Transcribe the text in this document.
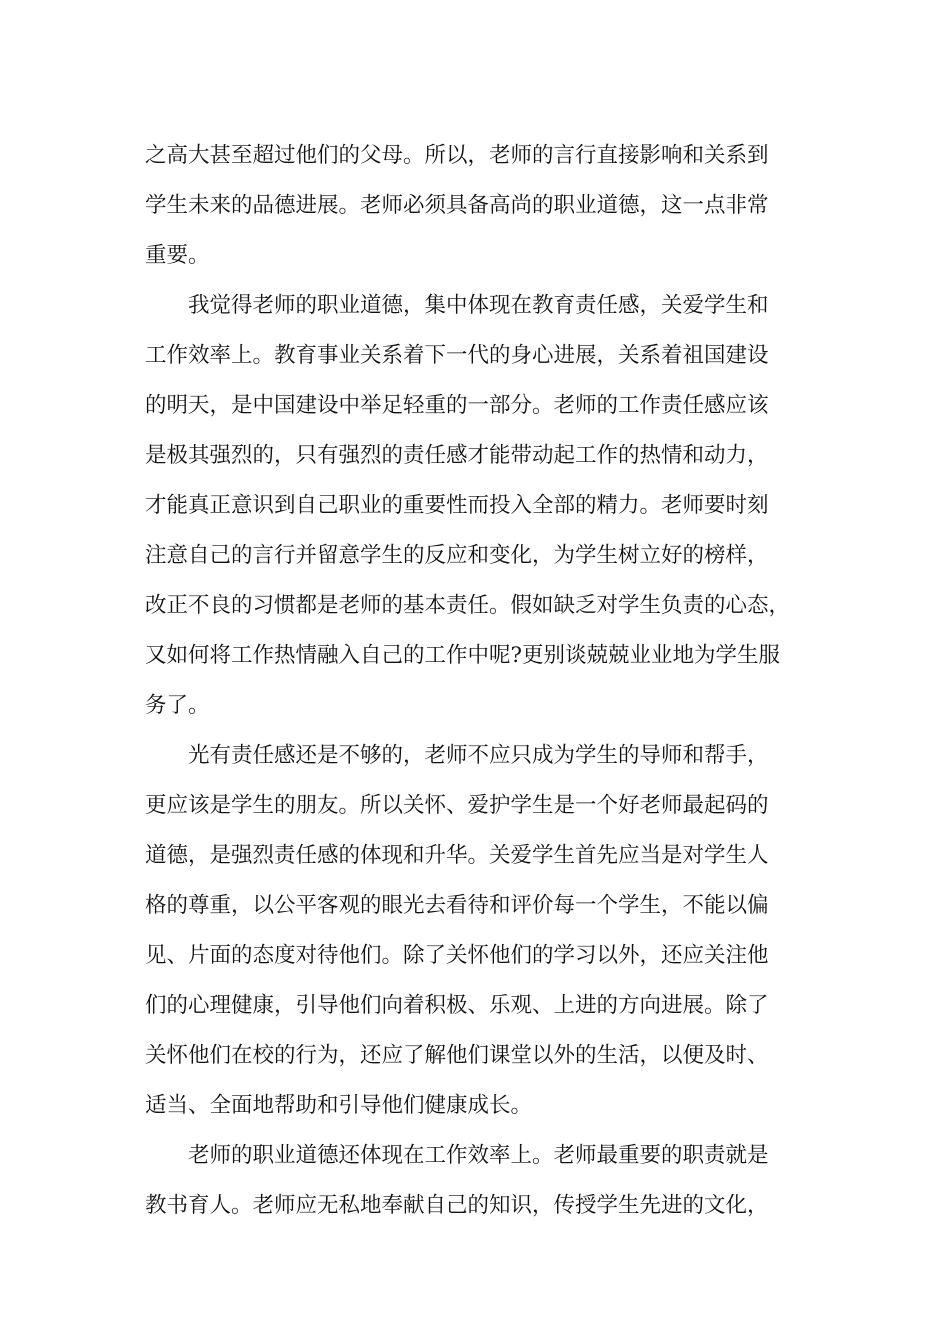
之高大甚至超过他们的父母。所以，老师的言行直接影响和关系到
学生未来的品德进展。老师必须具备高尚的职业道德，这一点非常
重要。
我觉得老师的职业道德，集中体现在教育责任感，关爱学生和
工作效率上。教育事业关系着下一代的身心进展，关系着祖国建设
的明天，是中国建设中举足轻重的一部分。老师的工作责任感应该
是极其强烈的，只有强烈的责任感才能带动起工作的热情和动力，
才能真正意识到自己职业的重要性而投入全部的精力。老师要时刻
注意自己的言行并留意学生的反应和变化，为学生树立好的榜样，
改正不良的习惯都是老师的基本责任。假如缺乏对学生负责的心态，
又如何将工作热情融入自己的工作中呢?更别谈兢兢业业地为学生服
务了。
光有责任感还是不够的，老师不应只成为学生的导师和帮手，
更应该是学生的朋友。所以关怀、爱护学生是一个好老师最起码的
道德，是强烈责任感的体现和升华。关爱学生首先应当是对学生人
格的尊重，以公平客观的眼光去看待和评价每一个学生，不能以偏
见、片面的态度对待他们。除了关怀他们的学习以外，还应关注他
们的心理健康，引导他们向着积极、乐观、上进的方向进展。除了
关怀他们在校的行为，还应了解他们课堂以外的生活，以便及时、
适当、全面地帮助和引导他们健康成长。
老师的职业道德还体现在工作效率上。老师最重要的职责就是
教书育人。老师应无私地奉献自己的知识，传授学生先进的文化，
